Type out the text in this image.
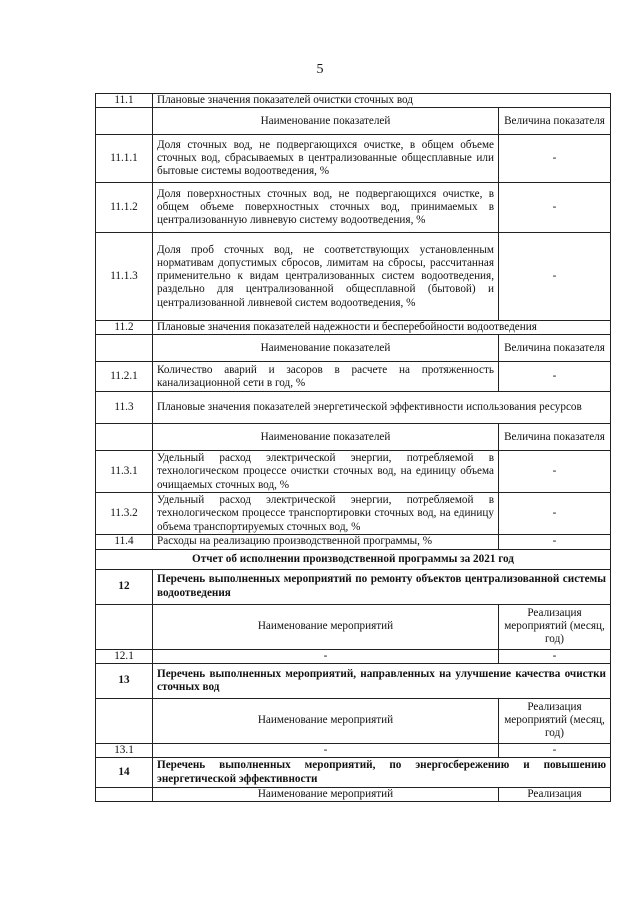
5
11.1	Плановые значения показателей очистки сточных вод	
	Наименование показателей	Величина показателя
11.1.1	Доля сточных вод, не подвергающихся очистке, в общем объеме сточных вод, сбрасываемых в централизованные общесплавные или бытовые системы водоотведения, %	-
11.1.2	Доля поверхностных сточных вод, не подвергающихся очистке, в общем объеме поверхностных сточных вод, принимаемых в централизованную ливневую систему водоотведения, %	-
11.1.3	Доля проб сточных вод, не соответствующих установленным нормативам допустимых сбросов, лимитам на сбросы, рассчитанная применительно к видам централизованных систем водоотведения, раздельно для централизованной общесплавной (бытовой) и централизованной ливневой систем водоотведения, %	-
11.2	Плановые значения показателей надежности и бесперебойности водоотведения	
	Наименование показателей	Величина показателя
11.2.1	Количество аварий и засоров в расчете на протяженность канализационной сети в год, %	-
11.3	Плановые значения показателей энергетической эффективности использования ресурсов	
	Наименование показателей	Величина показателя
11.3.1	Удельный расход электрической энергии, потребляемой в технологическом процессе очистки сточных вод, на единицу объема очищаемых сточных вод, %	-
11.3.2	Удельный расход электрической энергии, потребляемой в технологическом процессе транспортировки сточных вод, на единицу объема транспортируемых сточных вод, %	-
11.4	Расходы на реализацию производственной программы, %	-
Отчет об исполнении производственной программы за 2021 год		
12	Перечень выполненных мероприятий по ремонту объектов централизованной системы водоотведения	
	Наименование мероприятий	Реализация мероприятий (месяц, год)
12.1	-	-
13	Перечень выполненных мероприятий, направленных на улучшение качества очистки сточных вод	
	Наименование мероприятий	Реализация мероприятий (месяц, год)
13.1	-	-
14	Перечень выполненных мероприятий, по энергосбережению и повышению энергетической эффективности	
	Наименование мероприятий	Реализация
